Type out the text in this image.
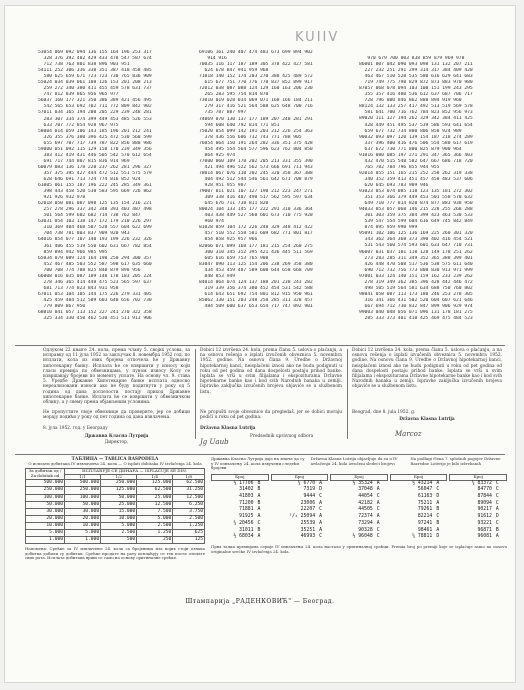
KUIIV
53054 069 092 094 136 155 164 196 253 317
328 376 392 402 429 433 478 547 587 674
712 738 763 801 838 896 903 951
54111 252 306 336 338 351 387 418 458 485
580 625 659 671 723 723 730 765 836 909
55024 034 039 061 108 126 153 201 208 213
259 272 340 380 411 455 459 578 631 737
747 812 839 865 956 965 977
56037 160 177 321 350 386 389 421 456 495
542 565 653 692 702 711 772 809 842 902
57011 034 165 194 200 205 229 239 248 281
283 307 334 374 399 449 453 485 526 553
633 707 772 854 928 967 975
58004 014 059 106 143 185 196 201 212 241
326 355 376 380 396 425 472 530 568 599
655 697 707 717 739 787 822 856 888 986
59000 051 092 115 129 158 170 239 349 356
383 412 419 431 446 505 542 570 612 654
691 717 744 807 815 836 914 969
60079 083 136 178 220 237 262 281 296 327
357 375 395 427 444 472 512 551 575 579
628 646 691 713 724 774 816 852 924
61005 061 155 187 196 222 245 285 349 361
398 443 458 520 530 583 595 669 726 862
921 926 932 978
62018 050 081 087 098 125 135 154 216 221
257 278 296 337 342 348 393 403 487 498
501 564 599 602 682 714 738 762 847
63031 054 103 138 147 172 179 210 226 297
310 369 404 468 507 528 557 604 622 699
704 738 781 803 837 909 920 943
64016 054 077 107 140 193 199 226 232 326
361 406 455 519 550 602 631 667 782 854
859 894 942 966 985 995
65034 079 089 124 164 198 250 294 300 357
452 467 485 503 552 587 598 617 635 660
700 708 774 788 825 840 879 898 956
66008 016 035 087 109 148 178 183 205 224
278 346 365 414 448 475 523 565 597 637
681 713 774 823 843 931 958
67011 053 104 105 144 175 226 279 331 405
425 459 484 512 509 603 640 656 702 730
779 809 867 950
68010 041 057 113 152 227 241 270 322 358
325 334 330 450 462 530 451 511 913 906
69106 161 240 407 474 483 673 699 894 902
914 916
70035 116 117 187 189 305 378 422 427 581
624 678 847 941 959 968
71018 140 152 174 203 270 388 425 489 572
615 677 751 770 776 770 837 852 899 917
72012 038 087 088 124 129 160 163 206 230
265 283 595 754 814 870
73010 019 028 034 069 071 160 166 184 211
279 317 416 521 564 588 625 648 700 716
735 787 887 997
74069 070 130 137 177 189 207 248 281 291
594 608 640 792 814 771 851
75020 054 099 142 191 203 212 226 254 363
378 436 556 606 732 743 771 788 905
76054 064 150 191 264 282 336 351 375 428
454 495 554 564 577 596 623 762 804 850
864 925 974
77000 060 109 178 202 205 213 331 355 390
421 494 496 522 562 573 666 691 711 943
78014 067 076 110 202 245 320 358 367 388
404 492 512 544 546 561 642 671 708 879
928 951 955 987
79007 011 021 107 127 190 212 223 247 271
309 338 416 487 490 517 562 595 597 634
645 676 711 738 811 820
80024 104 133 145 177 222 291 310 336 364
403 438 449 527 568 601 673 710 775 920
960 974
81028 059 104 172 226 248 329 348 412 422
457 510 552 558 581 609 682 771 801 817
854 858 925 957 966
82066 071 099 168 177 181 215 254 260 275
300 310 345 352 395 421 436 445 511 569
605 616 659 753 765 908
83047 090 113 125 154 206 238 269 358 380
434 453 459 487 589 608 644 658 668 709
848 853 949
84014 064 074 124 137 188 201 238 243 282
319 339 356 374 380 452 454 531 542 588
614 643 651 692 754 801 812 915 950 961
85062 130 151 203 248 258 285 311 328 457
484 509 600 637 653 654 717 747 892 901
970 679 700 803 838 859 879 969 978
86001 007 042 090 093 098 131 132 207 211
227 232 251 291 299 314 317 384 409 420
463 467 510 528 535 580 616 629 641 683
719 749 775 798 829 872 873 883 970 980
87057 068 078 094 103 108 151 199 243 295
355 357 416 480 536 612 637 687 706 717
728 796 800 846 862 888 894 919 960
88124 132 133 257 417 492 513 519 569 578
581 641 700 716 762 784 823 852 956 973
89020 111 127 194 262 329 342 384 411 425
428 449 451 495 537 539 586 593 641 654
659 677 732 734 800 806 858 924 989
90032 093 097 120 139 154 187 218 274 289
337 396 400 416 476 506 554 580 617 619
637 672 730 771 800 825 879 900 964
91016 080 085 197 271 291 347 365 366 403
432 470 515 548 582 647 667 686 718 720
765 782 784 796 855 944 955
92014 055 151 165 215 252 258 262 319 338
340 352 359 413 451 457 458 483 537 606
620 645 693 783 909 946
93023 053 074 085 118 123 135 181 272 302
351 353 366 379 449 453 501 558 570 632
649 710 777 814 820 874 877 883 938 950
94033 053 057 068 146 215 228 255 268 288
301 303 359 375 384 399 423 463 530 533
539 547 554 599 604 616 649 745 842 849
874 895 959 990 999
95091 102 106 125 136 169 225 260 301 320
343 362 364 368 373 390 402 416 454 521
531 543 560 574 593 601 633 647 710 731
96007 031 037 101 118 128 149 178 251 262
273 283 285 311 349 352 365 388 399 401
426 448 470 508 517 536 538 575 611 640
690 712 732 756 773 808 830 913 971 999
97001 033 124 140 151 159 162 233 239 262
278 319 349 362 385 396 428 442 446 472
498 505 519 564 581 634 688 750 760 802
98041 058 087 113 173 180 246 253 278 305
316 341 366 431 502 520 604 607 621 646
667 694 712 730 832 847 899 906 929 974
99003 040 048 056 071 096 131 178 181 275
285 333 373 401 410 425 469 475 484 523
Одлуком 22 књиге 24. кола, према члану 5. својих услова, за исправку од 11 јула 1952 за закључак 8. новембра 1952 год. по исплати, кола из ових бројева отпочела ће у Државну хипотекарну банку. Исплата ће се извршити у износу који гласи премија по обвезницама, у пуном износу Колу се извршавају бројеви по моменту уплате. На основу чл. 9. става 5. Уредбе Државне Хипотекарне банке исплата односно нереализовани износи ако не буду подигнути у року од 5 година од дана доспелости постају приход Државне хипотекарне банке. Исплата ће се извршити у обвезничком облику, а у свему према објављеним условима.
Не пропустите своје обвезнице да проверите, јер се добици морају подићи у року од пет година од дана извлачења.
8. јула 1952. год. у Београду
Државна Класна Лутрија
Директор,	Jg Uaub
Dobici 12 izvršena 24. kola, prema članu 5. uslova o plaćanju, a na osnovu rešenja o isplati izvučenih obveznica 5. novembra 1952. godine. Na osnovu člana 9. Uredbe o Državnoj hipotekarnoj banci, neisplaćeni iznosi ako ne budu podignuti u roku od pet godina od dana dospelosti postaju prihod banke. Isplata se vrši u svim filijalama i ekspoziturama Državne hipotekarne banke kao i kod svih Narodnih banaka u zemlji. Ispravke zaključka izvučenih brojeva objaviće se u službenom listu.
Ne propušti svoje obveznice da pregledaš, jer se dobici moraju podići u roku od pet godina.
Dobici 12 izvršena 24. kola, prema članu 5. uslova o plaćanju, a na osnovu rešenja o isplati izvučenih obveznica 5. novembra 1952. godine. Na osnovu člana 9. Uredbe o Državnoj hipotekarnoj banci, neisplaćeni iznosi ako ne budu podignuti u roku od pet godina od dana dospelosti postaju prihod banke. Isplata se vrši u svim filijalama i ekspoziturama Državne hipotekarne banke kao i kod svih Narodnih banaka u zemlji. Ispravke zaključka izvučenih brojeva objaviće se u službenom listu.
Beograd, dne 8. jula 1952. g.
Državna Klasna Lutrija
Državna Klasna Lutrija
Predsednik upravnog odbora	Marcoz
ТАБЛИЦА — TABLICA RASPODELA
О исплати добитака IV извлачења 24. кола — O isplati dobitaka IV izvlačenja 24. kola
За добитак од / Za dobitak od	ИСПЛАЋУЈЕ СЕ ДИНАРА — ISPLAĆUJE SE DIN.			
	1/1	1/2	1/4	1/8
500.000	500.000	250.000	125.000	62.500
250.000	250.000	125.000	62.500	31.250
100.000	100.000	50.000	25.000	12.500
50.000	50.000	25.000	12.500	6.250
30.000	30.000	15.000	7.500	3.750
20.000	20.000	10.000	5.000	2.500
10.000	10.000	5.000	2.500	1.250
5.000	5.000	2.500	1.250	625
1.000	1.000	500	250	125
Напомена: Срећке за IV извлачење 24. кола са бројевима иза којих стоји ознака добитка добили су добитак. Срећке продате на рату исплаћују се тек после отплате свих рата. Исплата добитака врши се само на основу оригиналне срећке.
Државна Класна Лутрија даје на знање да су у IV извлачењу 24. кола извучени следећи бројеви
Državna Klasna Lutrija objavljuje da su u IV izvlačenju 24. kola izvučeni sledeći brojevi
Na podlagi člena 7. splošnih pogojev Državne Razredne Loterije je bilo izžrebanih
Број	
½ 17706	B
31402	B
41803	A
71200	B
71881	A
91925	A
¼ 20456	C
31011	B
½ 68034	A
Број	
¼ 6770	A
7319	D
9444	C
23006	A
22207	C
²/₂ 25094	A
25539	A
35251	A
46993	C
Број	
½ 35324	A
37048	A
44054	C
42182	A
44505	C
72374	A
73294	A
90328	C
½ 96048	C
Број	
½ 43214	A
56047	C
61163	D
75211	A
79261	B
82214	C
97241	B
98461	A
¼ 78811	D
Број	
¼ 83372	C
84770	C
87844	C
89094	C
90217	A
91612	D
93221	C
96871	B
96081	A
Прва тачка премијама серије IV извлачења 24. кола настала у оригиналној срећци. Premia broj po premiji koje se isplaćuje samo na osnovu originalne srećke IV izvlačenja 24. kola.
Штампарија „РАДЕНКОВИЋ" — Београд.
